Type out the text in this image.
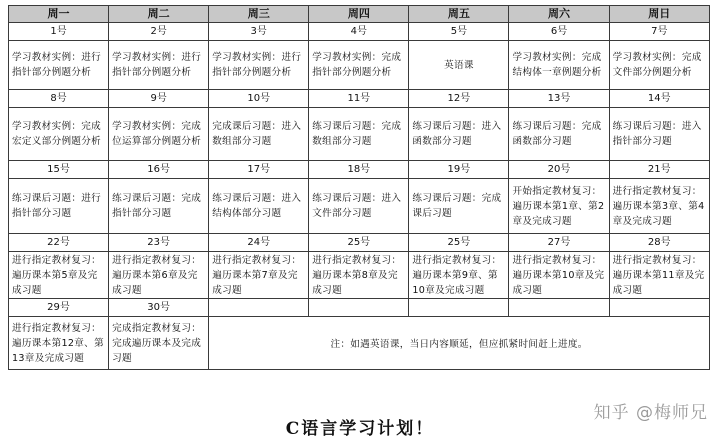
周一	周二	周三	周四	周五	周六	周日
1号	2号	3号	4号	5号	6号	7号
学习教材实例：进行指针部分例题分析	学习教材实例：进行指针部分例题分析	学习教材实例：进行指针部分例题分析	学习教材实例：完成指针部分例题分析	英语课	学习教材实例：完成结构体一章例题分析	学习教材实例：完成文件部分例题分析
8号	9号	10号	11号	12号	13号	14号
学习教材实例：完成宏定义部分例题分析	学习教材实例：完成位运算部分例题分析	完成课后习题：进入数组部分习题	练习课后习题：完成数组部分习题	练习课后习题：进入函数部分习题	练习课后习题：完成函数部分习题	练习课后习题：进入指针部分习题
15号	16号	17号	18号	19号	20号	21号
练习课后习题：进行指针部分习题	练习课后习题：完成指针部分习题	练习课后习题：进入结构体部分习题	练习课后习题：进入文件部分习题	练习课后习题：完成课后习题	开始指定教材复习：遍历课本第1章、第2章及完成习题	进行指定教材复习：遍历课本第3章、第4章及完成习题
22号	23号	24号	25号	25号	27号	28号
进行指定教材复习：遍历课本第5章及完成习题	进行指定教材复习：遍历课本第6章及完成习题	进行指定教材复习：遍历课本第7章及完成习题	进行指定教材复习：遍历课本第8章及完成习题	进行指定教材复习：遍历课本第9章、第10章及完成习题	进行指定教材复习：遍历课本第10章及完成习题	进行指定教材复习：遍历课本第11章及完成习题
29号	30号					
进行指定教材复习：遍历课本第12章、第13章及完成习题	完成指定教材复习：完成遍历课本及完成习题	注：如遇英语课，当日内容顺延，但应抓紧时间赶上进度。				
C语言学习计划！
知乎 @梅师兄
